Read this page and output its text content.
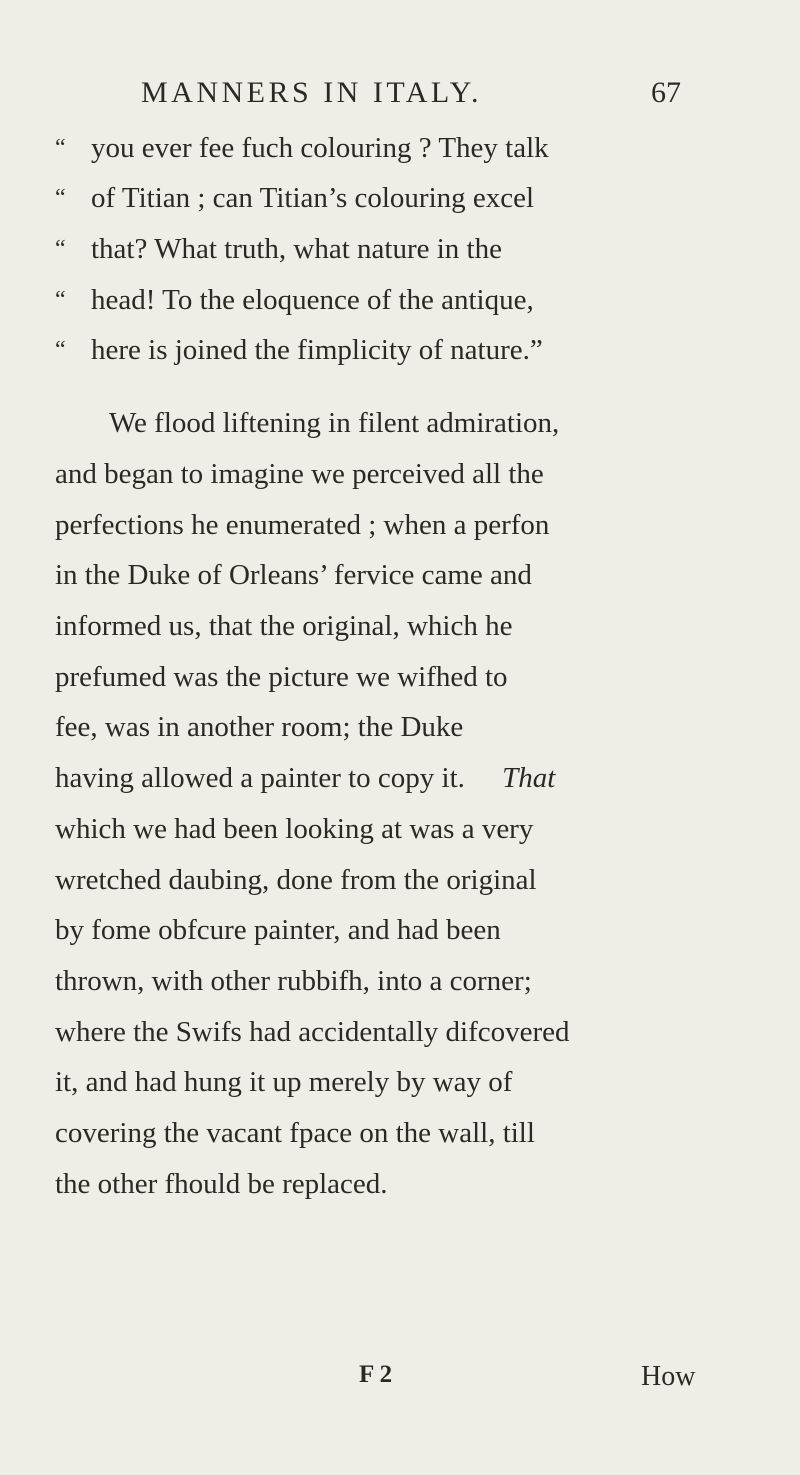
MANNERS IN ITALY.	67
“ you ever fee fuch colouring ? They talk
“ of Titian ; can Titian’s colouring excel
“ that? What truth, what nature in the
“ head! To the eloquence of the antique,
“ here is joined the fimplicity of nature.”
We flood liftening in filent admiration,
and began to imagine we perceived all the
perfections he enumerated ; when a perfon
in the Duke of Orleans’ fervice came and
informed us, that the original, which he
prefumed was the picture we wifhed to
fee, was in another room; the Duke
having allowed a painter to copy it. That
which we had been looking at was a very
wretched daubing, done from the original
by fome obfcure painter, and had been
thrown, with other rubbifh, into a corner;
where the Swifs had accidentally difcovered
it, and had hung it up merely by way of
covering the vacant fpace on the wall, till
the other fhould be replaced.
F 2	How
